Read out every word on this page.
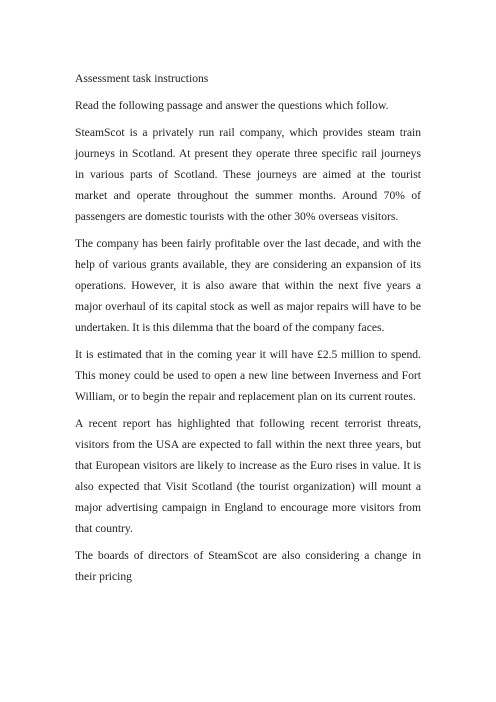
Assessment task instructions

Read the following passage and answer the questions which follow.

SteamScot is a privately run rail company, which provides steam train journeys in Scotland. At present they operate three specific rail journeys in various parts of Scotland. These journeys are aimed at the tourist market and operate throughout the summer months. Around 70% of passengers are domestic tourists with the other 30% overseas visitors.

The company has been fairly profitable over the last decade, and with the help of various grants available, they are considering an expansion of its operations. However, it is also aware that within the next five years a major overhaul of its capital stock as well as major repairs will have to be undertaken. It is this dilemma that the board of the company faces.

It is estimated that in the coming year it will have £2.5 million to spend. This money could be used to open a new line between Inverness and Fort William, or to begin the repair and replacement plan on its current routes.

A recent report has highlighted that following recent terrorist threats, visitors from the USA are expected to fall within the next three years, but that European visitors are likely to increase as the Euro rises in value. It is also expected that Visit Scotland (the tourist organization) will mount a major advertising campaign in England to encourage more visitors from that country.

The boards of directors of SteamScot are also considering a change in their pricing
